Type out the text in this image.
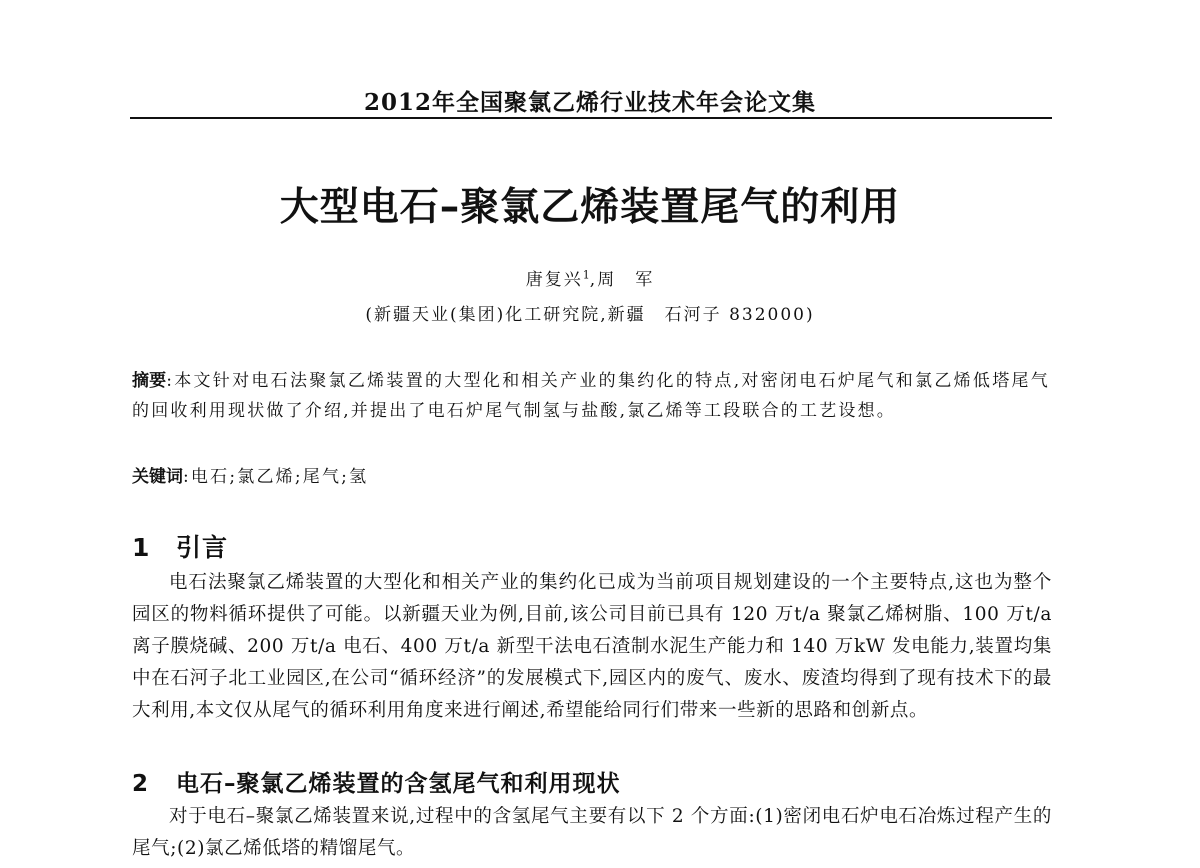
2012年全国聚氯乙烯行业技术年会论文集
大型电石–聚氯乙烯装置尾气的利用
唐复兴$^1$,周　军
(新疆天业(集团)化工研究院,新疆　石河子 832000)
摘要:本文针对电石法聚氯乙烯装置的大型化和相关产业的集约化的特点,对密闭电石炉尾气和氯乙烯低塔尾气的回收利用现状做了介绍,并提出了电石炉尾气制氢与盐酸,氯乙烯等工段联合的工艺设想。
关键词:电石;氯乙烯;尾气;氢
1 引言
电石法聚氯乙烯装置的大型化和相关产业的集约化已成为当前项目规划建设的一个主要特点,这也为整个园区的物料循环提供了可能。以新疆天业为例,目前,该公司目前已具有 120 万t/a 聚氯乙烯树脂、100 万t/a 离子膜烧碱、200 万t/a 电石、400 万t/a 新型干法电石渣制水泥生产能力和 140 万kW 发电能力,装置均集中在石河子北工业园区,在公司“循环经济”的发展模式下,园区内的废气、废水、废渣均得到了现有技术下的最大利用,本文仅从尾气的循环利用角度来进行阐述,希望能给同行们带来一些新的思路和创新点。
2 电石–聚氯乙烯装置的含氢尾气和利用现状
对于电石–聚氯乙烯装置来说,过程中的含氢尾气主要有以下 2 个方面:(1)密闭电石炉电石冶炼过程产生的尾气;(2)氯乙烯低塔的精馏尾气。
